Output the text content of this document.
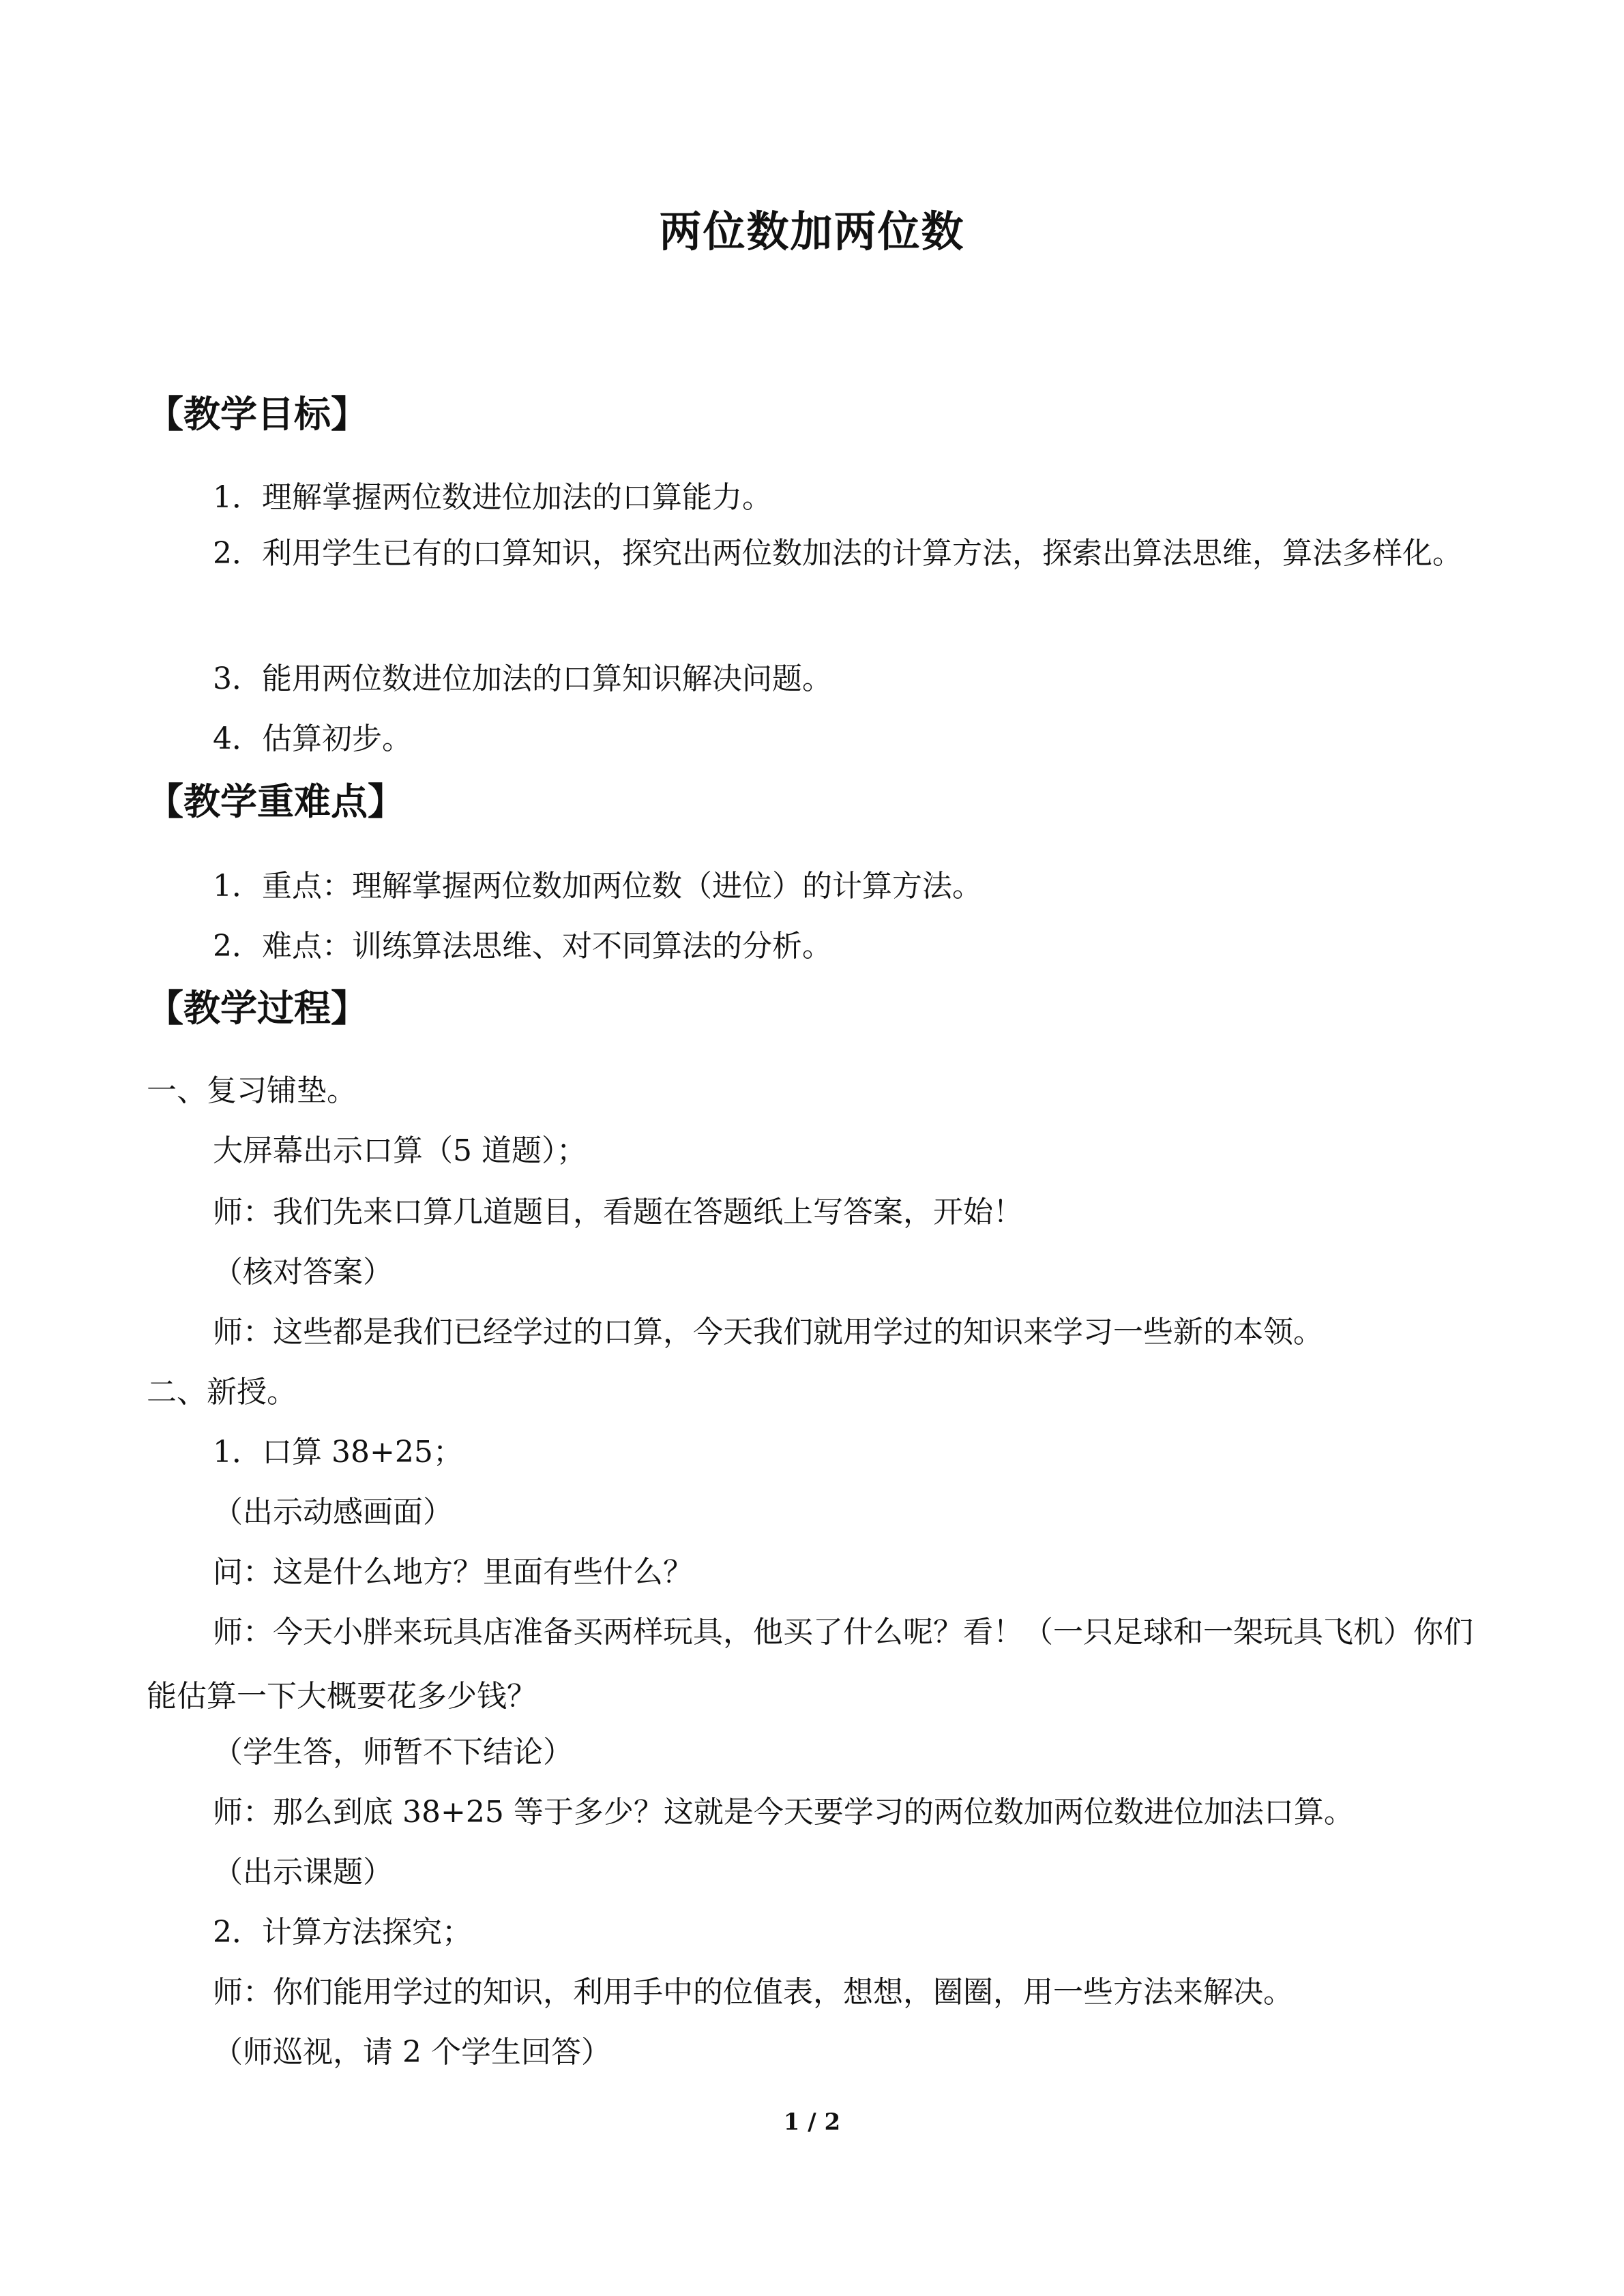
两位数加两位数
【教学目标】
1．理解掌握两位数进位加法的口算能力。
2．利用学生已有的口算知识，探究出两位数加法的计算方法，探索出算法思维，算法多样化。
3．能用两位数进位加法的口算知识解决问题。
4．估算初步。
【教学重难点】
1．重点：理解掌握两位数加两位数（进位）的计算方法。
2．难点：训练算法思维、对不同算法的分析。
【教学过程】
一、复习铺垫。
大屏幕出示口算（5 道题）；
师：我们先来口算几道题目，看题在答题纸上写答案，开始！
（核对答案）
师：这些都是我们已经学过的口算，今天我们就用学过的知识来学习一些新的本领。
二、新授。
1．口算 38+25；
（出示动感画面）
问：这是什么地方？里面有些什么？
师：今天小胖来玩具店准备买两样玩具，他买了什么呢？看！（一只足球和一架玩具飞机）你们能估算一下大概要花多少钱？
（学生答，师暂不下结论）
师：那么到底 38+25 等于多少？这就是今天要学习的两位数加两位数进位加法口算。
（出示课题）
2．计算方法探究；
师：你们能用学过的知识，利用手中的位值表，想想，圈圈，用一些方法来解决。
（师巡视，请 2 个学生回答）
1 / 2
